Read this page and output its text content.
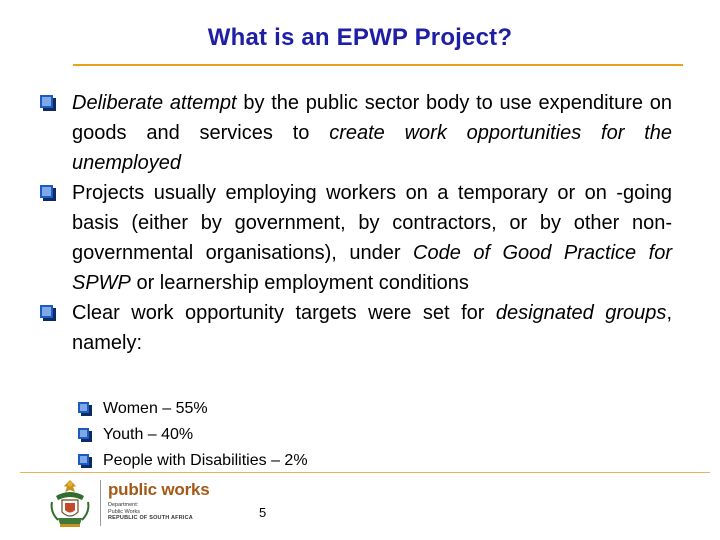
What is an EPWP Project?
Deliberate attempt by the public sector body to use expenditure on goods and services to create work opportunities for the unemployed
Projects usually employing workers on a temporary or on -going basis (either by government, by contractors, or by other non-governmental organisations), under Code of Good Practice for SPWP or learnership employment conditions
Clear work opportunity targets were set for designated groups, namely:
Women – 55%
Youth – 40%
People with Disabilities – 2%
public works
Department:
Public Works
REPUBLIC OF SOUTH AFRICA	5
